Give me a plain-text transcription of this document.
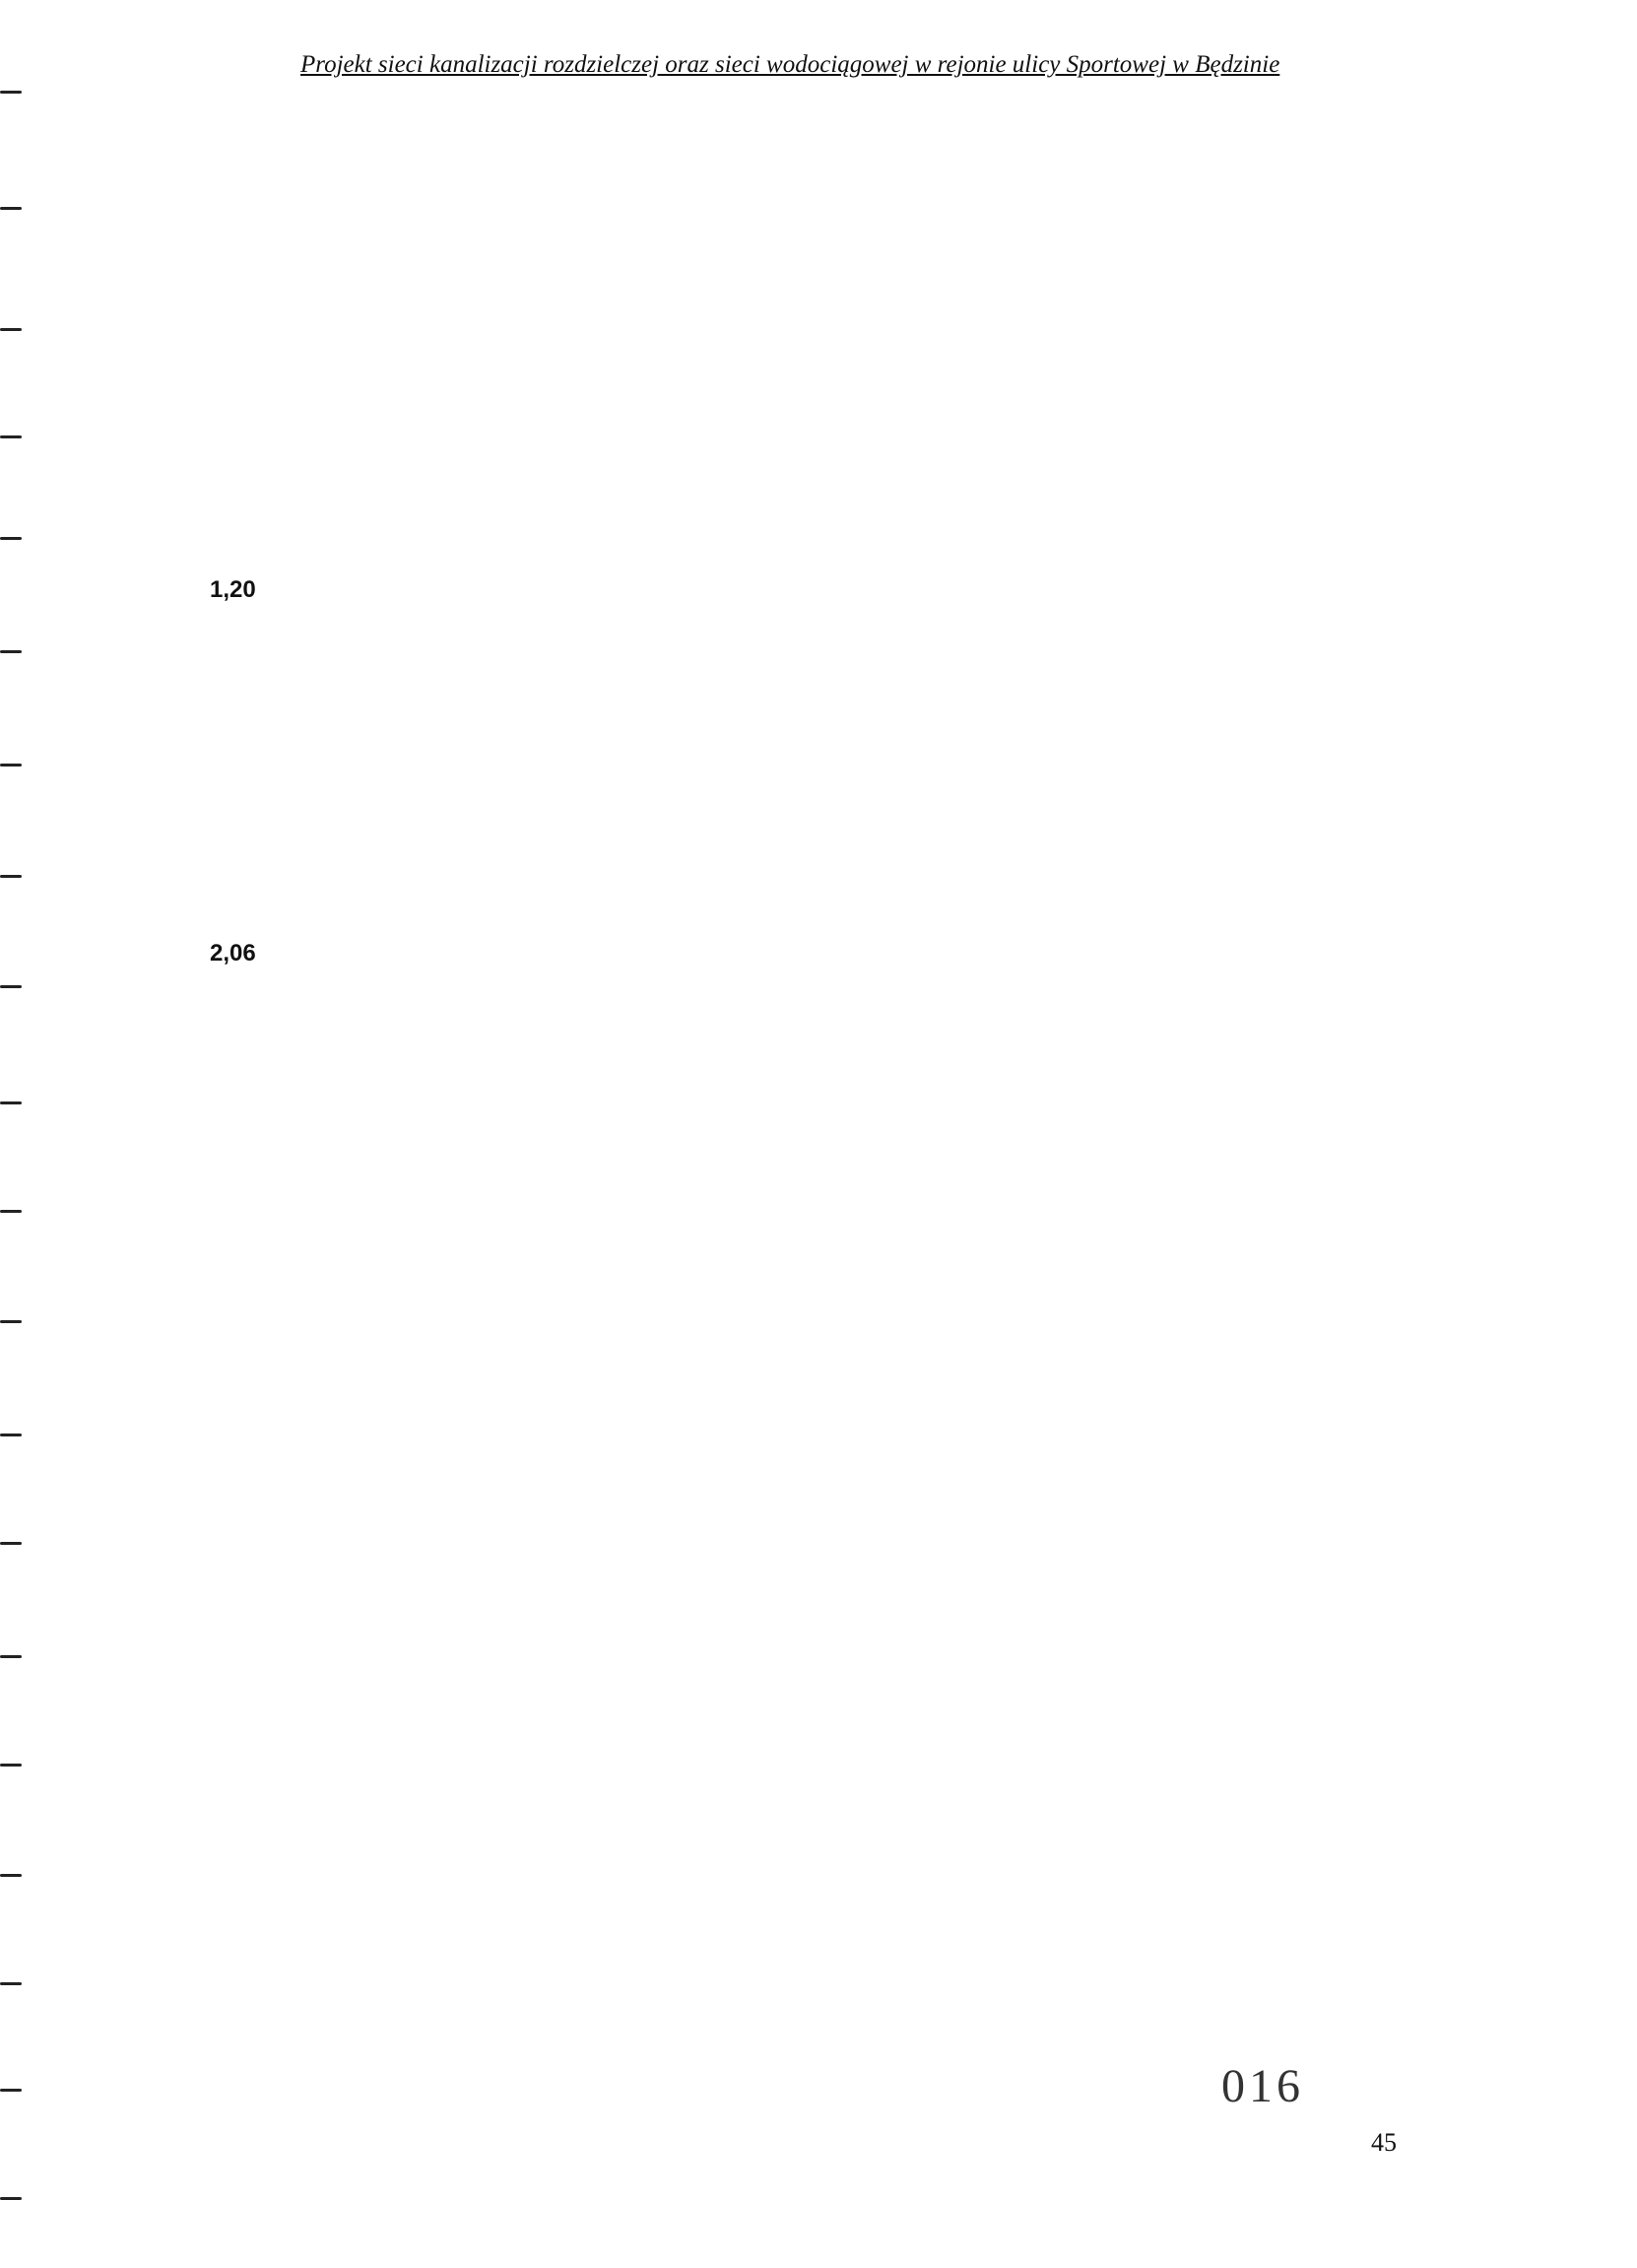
Projekt sieci kanalizacji rozdzielczej oraz sieci wodociągowej w rejonie ulicy Sportowej w Będzinie
1,20
2,06
016
45
